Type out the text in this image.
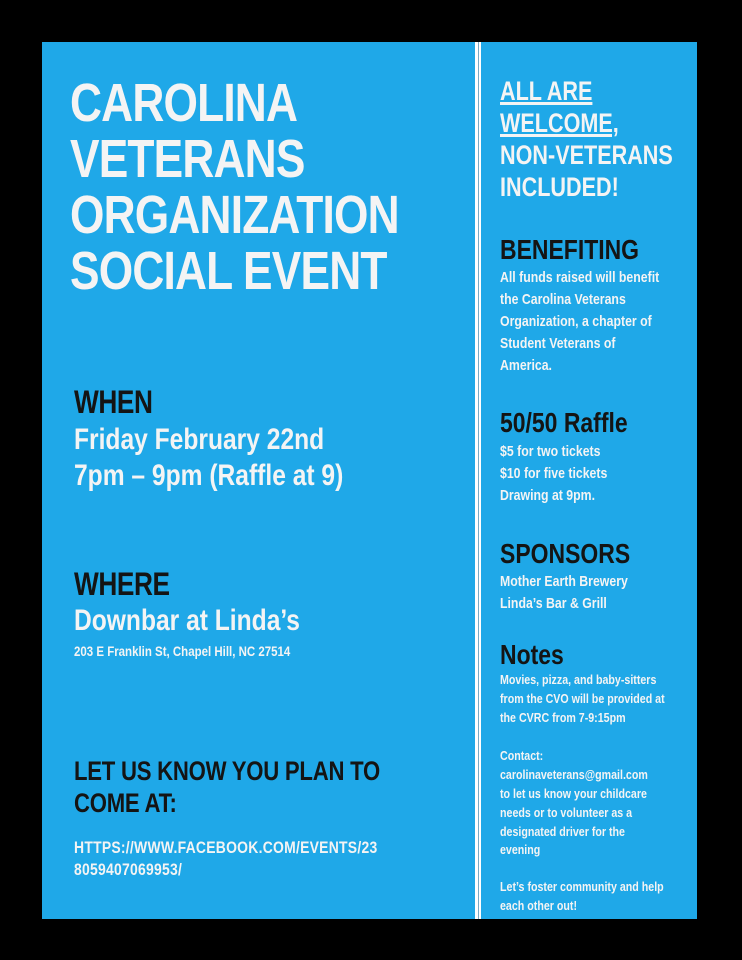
CAROLINA
VETERANS
ORGANIZATION
SOCIAL EVENT
WHEN
Friday February 22nd
7pm – 9pm (Raffle at 9)
WHERE
Downbar at Linda’s
203 E Franklin St, Chapel Hill, NC 27514
LET US KNOW YOU PLAN TO
COME AT:
HTTPS://WWW.FACEBOOK.COM/EVENTS/23
8059407069953/
ALL ARE
WELCOME,
NON-VETERANS
INCLUDED!
BENEFITING
All funds raised will benefit
the Carolina Veterans
Organization, a chapter of
Student Veterans of
America.
50/50 Raffle
$5 for two tickets
$10 for five tickets
Drawing at 9pm.
SPONSORS
Mother Earth Brewery
Linda’s Bar & Grill
Notes
Movies, pizza, and baby-sitters
from the CVO will be provided at
the CVRC from 7-9:15pm
Contact:
carolinaveterans@gmail.com
to let us know your childcare
needs or to volunteer as a
designated driver for the
evening
Let’s foster community and help
each other out!
